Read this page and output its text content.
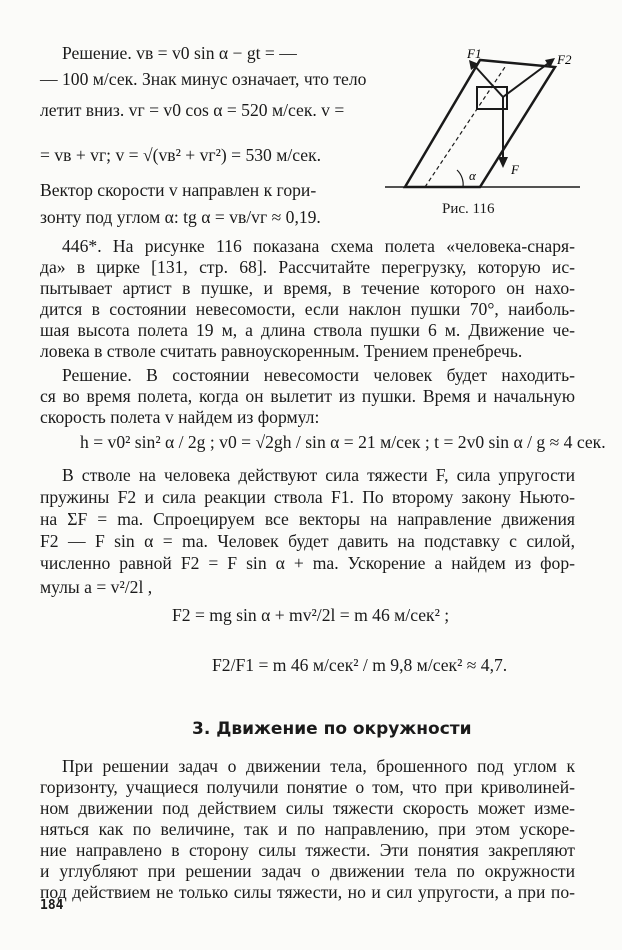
F1	F2
F
α
Рис. 116
Решение. vв = v0 sin α − gt = —
— 100 м/сек. Знак минус означает, что тело
летит вниз. vг = v0 cos α = 520 м/сек. v =
= vв + vг; v = √(vв² + vг²) = 530 м/сек.
Вектор скорости v направлен к гори-
зонту под углом α: tg α = vв/vг ≈ 0,19.
446*. На рисунке 116 показана схема полета «человека-снаря-
да» в цирке [131, стр. 68]. Рассчитайте перегрузку, которую ис-
пытывает артист в пушке, и время, в течение которого он нахо-
дится в состоянии невесомости, если наклон пушки 70°, наиболь-
шая высота полета 19 м, а длина ствола пушки 6 м. Движение че-
ловека в стволе считать равноускоренным. Трением пренебречь.
Решение. В состоянии невесомости человек будет находить-
ся во время полета, когда он вылетит из пушки. Время и начальную
скорость полета v найдем из формул:
h = v0² sin² α / 2g ; v0 = √2gh / sin α = 21 м/сек ; t = 2v0 sin α / g ≈ 4 сек.
В стволе на человека действуют сила тяжести F, сила упругости
пружины F2 и сила реакции ствола F1. По второму закону Ньюто-
на ΣF = ma. Спроецируем все векторы на направление движения
F2 — F sin α = ma. Человек будет давить на подставку с силой,
численно равной F2 = F sin α + ma. Ускорение a найдем из фор-
мулы a = v²/2l ,
F2 = mg sin α + mv²/2l = m 46 м/сек² ;
F2/F1 = m 46 м/сек² / m 9,8 м/сек² ≈ 4,7.
3. Движение по окружности
При решении задач о движении тела, брошенного под углом к
горизонту, учащиеся получили понятие о том, что при криволиней-
ном движении под действием силы тяжести скорость может изме-
няться как по величине, так и по направлению, при этом ускоре-
ние направлено в сторону силы тяжести. Эти понятия закрепляют
и углубляют при решении задач о движении тела по окружности
под действием не только силы тяжести, но и сил упругости, а при по-
184
